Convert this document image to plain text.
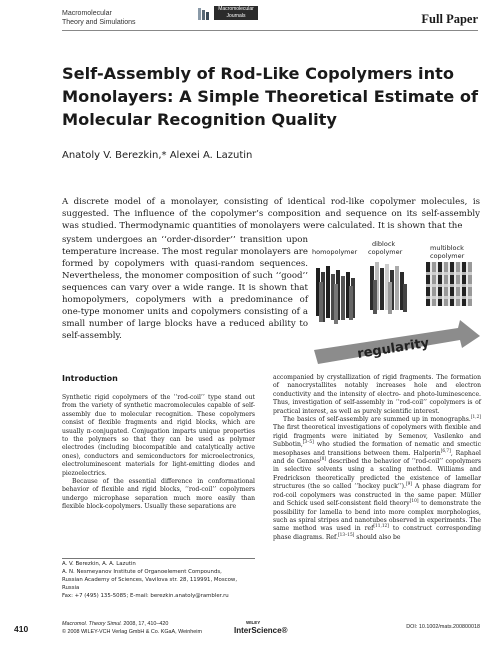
Macromolecular
Theory and Simulations
Macromolecular
Journals	Full Paper
Self-Assembly of Rod-Like Copolymers into Monolayers: A Simple Theoretical Estimate of Molecular Recognition Quality
Anatoly V. Berezkin,* Alexei A. Lazutin
A discrete model of a monolayer, consisting of identical rod-like copolymer molecules, is suggested. The influence of the copolymer’s composition and sequence on its self-assembly was studied. Thermodynamic quantities of monolayers were calculated. It is shown that the
system undergoes an ‘‘order-disorder’’ transition upon temperature increase. The most regular monolayers are formed by copolymers with quasi-random sequences. Nevertheless, the monomer composition of such ‘‘good’’ sequences can vary over a wide range. It is shown that homopolymers, copolymers with a predominance of one-type monomer units and copolymers consisting of a small number of large blocks have a reduced ability to self-assembly.	regularity
homopolymer
diblock
copolymer	multiblock
copolymer
Introduction

Synthetic rigid copolymers of the ‘‘rod-coil’’ type stand out from the variety of synthetic macromolecules capable of self-assembly due to molecular recognition. These copolymers consist of flexible fragments and rigid blocks, which are usually π-conjugated. Conjugation imparts unique properties to the polymers so that they can be used as polymer electrodes (including biocompatible and catalytically active ones), conductors and semiconductors for microelectronics, electroluminescent materials for light-emitting diodes and piezoelectrics.

Because of the essential difference in conformational behavior of flexible and rigid blocks, ‘‘rod-coil’’ copolymers undergo microphase separation much more easily than flexible block-copolymers. Usually these separations are

accompanied by crystallization of rigid fragments. The formation of nanocrystallites notably increases hole and electron conductivity and the intensity of electro- and photo-luminescence. Thus, investigation of self-assembly in ‘‘rod-coil’’ copolymers is of practical interest, as well as purely scientific interest.

The basics of self-assembly are summed up in monographs.[1,2] The first theoretical investigations of copolymers with flexible and rigid fragments were initiated by Semenov, Vasilenko and Subbotin,[3–5] who studied the formation of nematic and smectic mesophases and transitions between them. Halperin[6,7], Raphael and de Gennes[8] described the behavior of ‘‘rod-coil’’ copolymers in selective solvents using a scaling method. Williams and Fredrickson theoretically predicted the existence of lamellar structures (the so called ‘‘hockey puck’’).[9] A phase diagram for rod-coil copolymers was constructed in the same paper. Müller and Schick used self-consistent field theory[10] to demonstrate the possibility for lamella to bend into more complex morphologies, such as spiral stripes and nanotubes observed in experiments. The same method was used in ref[11,12] to construct corresponding phase diagrams. Ref.[13–15] should also be

A. V. Berezkin, A. A. Lazutin
A. N. Nesmeyanov Institute of Organoelement Compounds,
Russian Academy of Sciences, Vavilova str. 28, 119991, Moscow,
Russia
Fax: +7 (495) 135-5085; E-mail: berezkin.anatoly@rambler.ru
410	Macromol. Theory Simul. 2008, 17, 410–420
© 2008 WILEY-VCH Verlag GmbH & Co. KGaA, Weinheim
WILEY
InterScience®	DOI: 10.1002/mats.200800018
